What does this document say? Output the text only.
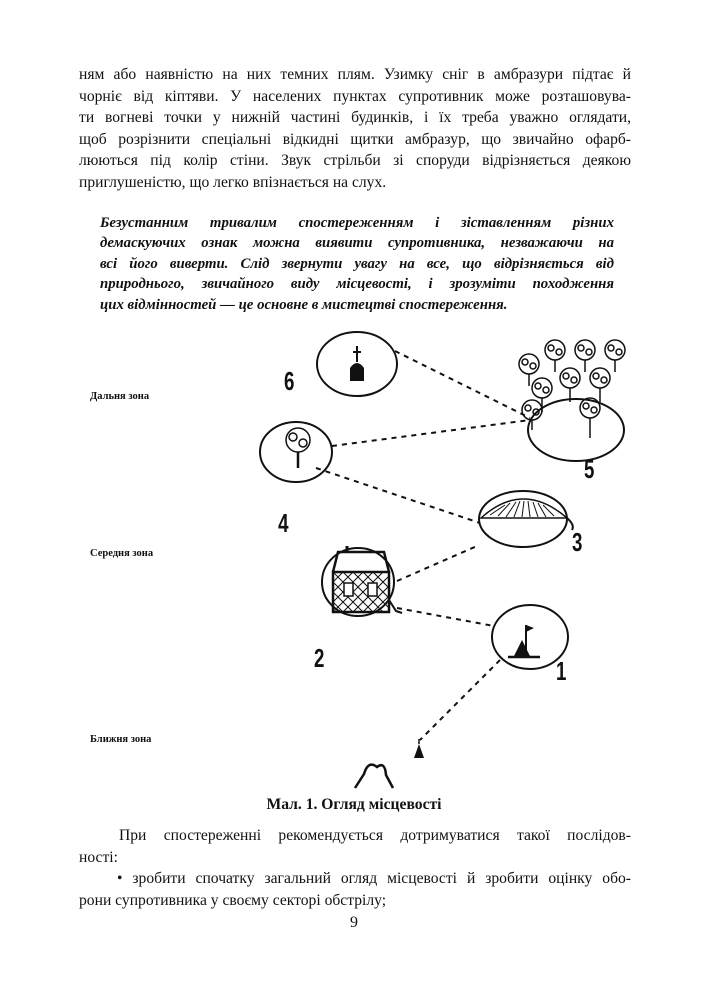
ням або наявністю на них темних плям. Узимку сніг в амбразури підтає й
чорніє від кіптяви. У населених пунктах супротивник може розташовува-
ти вогневі точки у нижній частині будинків, і їх треба уважно оглядати,
щоб розрізнити спеціальні відкидні щитки амбразур, що звичайно офарб-
люються під колір стіни. Звук стрільби зі споруди відрізняється деякою
приглушеністю, що легко впізнається на слух.
Безустанним тривалим спостереженням і зіставленням різних
демаскуючих ознак можна виявити супротивника, незважаючи на
всі його виверти. Слід звернути увагу на все, що відрізняється від
природнього, звичайного виду місцевості, і зрозуміти походження
цих відмінностей — це основне в мистецтві спостереження.
Дальня зона
Середня зона
Ближня зона
6
5
4
3
2	1
Мал. 1. Огляд місцевості
При спостереженні рекомендується дотримуватися такої послідов-
ності:
• зробити спочатку загальний огляд місцевості й зробити оцінку обо-
рони супротивника у своєму секторі обстрілу;
9
